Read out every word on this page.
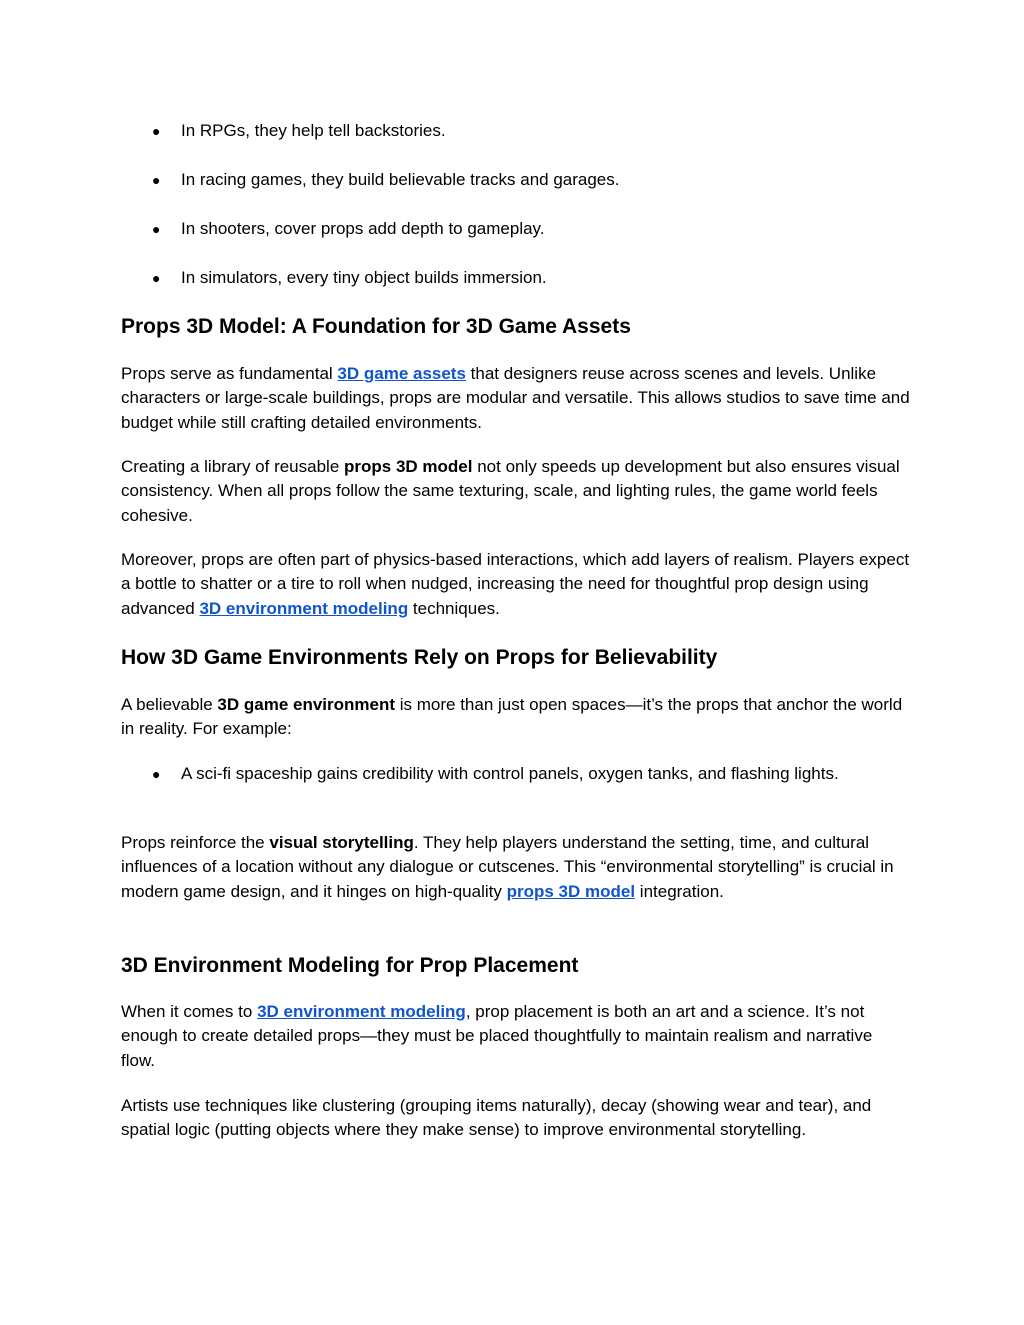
● In RPGs, they help tell backstories.
● In racing games, they build believable tracks and garages.
● In shooters, cover props add depth to gameplay.
● In simulators, every tiny object builds immersion.
Props 3D Model: A Foundation for 3D Game Assets

Props serve as fundamental 3D game assets that designers reuse across scenes and levels. Unlike characters or large-scale buildings, props are modular and versatile. This allows studios to save time and budget while still crafting detailed environments.

Creating a library of reusable props 3D model not only speeds up development but also ensures visual consistency. When all props follow the same texturing, scale, and lighting rules, the game world feels cohesive.

Moreover, props are often part of physics-based interactions, which add layers of realism. Players expect a bottle to shatter or a tire to roll when nudged, increasing the need for thoughtful prop design using advanced 3D environment modeling techniques.

How 3D Game Environments Rely on Props for Believability

A believable 3D game environment is more than just open spaces—it’s the props that anchor the world in reality. For example:

● A sci-fi spaceship gains credibility with control panels, oxygen tanks, and flashing lights.

Props reinforce the visual storytelling. They help players understand the setting, time, and cultural influences of a location without any dialogue or cutscenes. This “environmental storytelling” is crucial in modern game design, and it hinges on high-quality props 3D model integration.

3D Environment Modeling for Prop Placement

When it comes to 3D environment modeling, prop placement is both an art and a science. It’s not enough to create detailed props—they must be placed thoughtfully to maintain realism and narrative flow.

Artists use techniques like clustering (grouping items naturally), decay (showing wear and tear), and spatial logic (putting objects where they make sense) to improve environmental storytelling.
